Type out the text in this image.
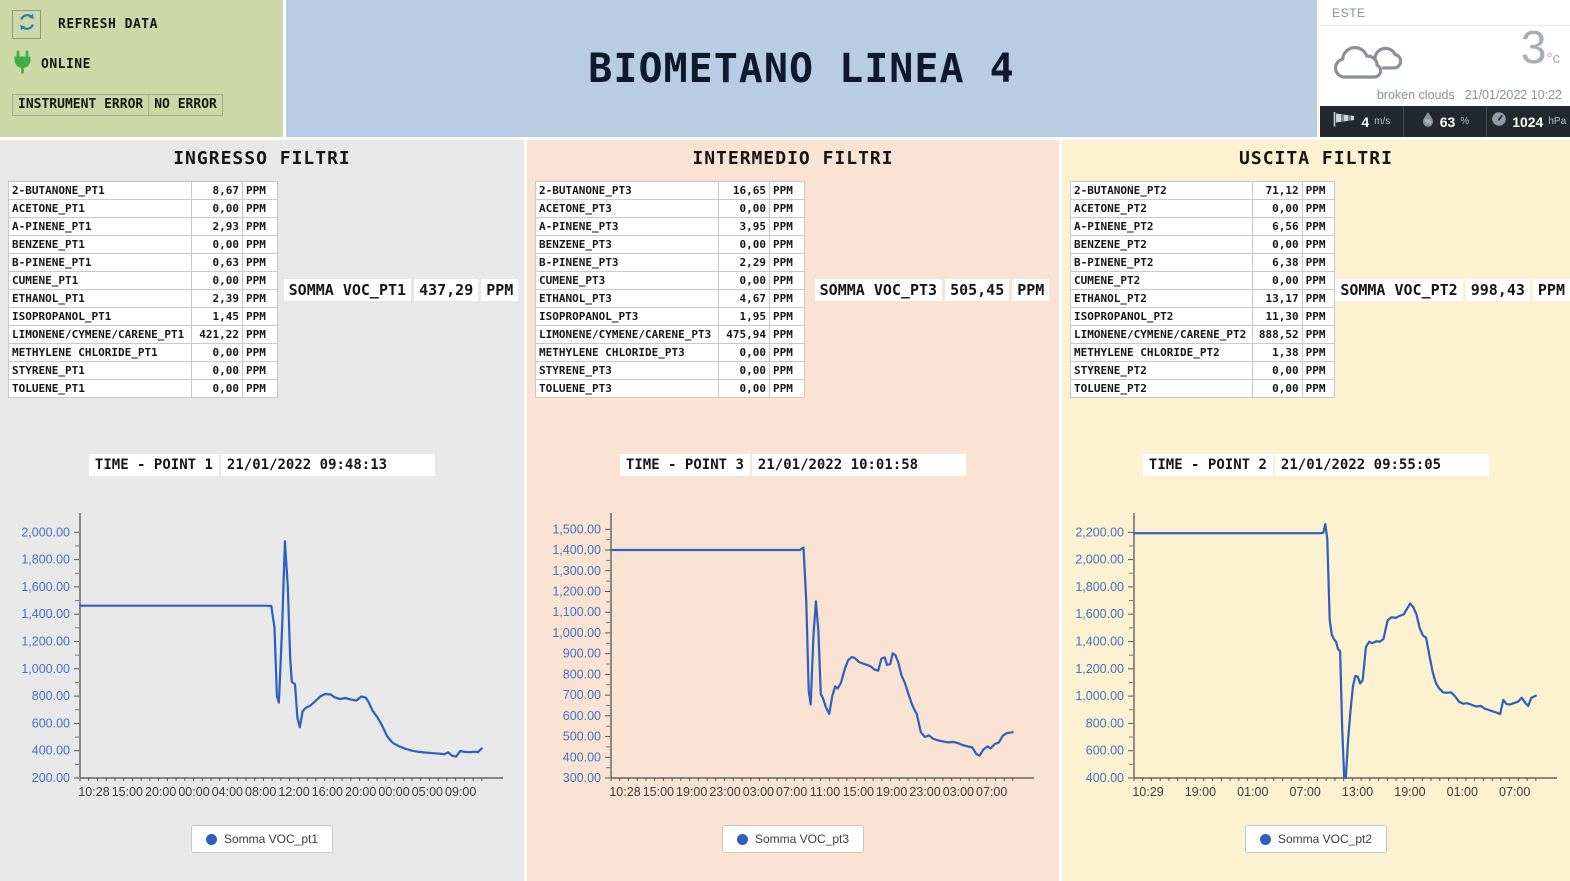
REFRESH DATA
ONLINE
INSTRUMENT ERROR NO ERROR
BIOMETANO LINEA 4
ESTE
3°c
broken clouds 21/01/2022 10:22
4 m/s	% 63 %	1024 hPa
INGRESSO FILTRI
2-BUTANONE_PT1	8,67	PPM
ACETONE_PT1	0,00	PPM
A-PINENE_PT1	2,93	PPM
BENZENE_PT1	0,00	PPM
B-PINENE_PT1	0,63	PPM
CUMENE_PT1	0,00	PPM
ETHANOL_PT1	2,39	PPM
ISOPROPANOL_PT1	1,45	PPM
LIMONENE/CYMENE/CARENE_PT1	421,22	PPM
METHYLENE CHLORIDE_PT1	0,00	PPM
STYRENE_PT1	0,00	PPM
TOLUENE_PT1	0,00	PPM
SOMMA VOC_PT1 437,29 PPM
TIME - POINT 1	21/01/2022 09:48:13
200.00
400.00
600.00
800.00
1,000.00
1,200.00
1,400.00
1,600.00
1,800.00
2,000.00
10:28 15:00 20:00 00:00 04:00 08:00 12:00 16:00 20:00 00:00 05:00 09:00
Somma VOC_pt1
INTERMEDIO FILTRI
2-BUTANONE_PT3	16,65	PPM
ACETONE_PT3	0,00	PPM
A-PINENE_PT3	3,95	PPM
BENZENE_PT3	0,00	PPM
B-PINENE_PT3	2,29	PPM
CUMENE_PT3	0,00	PPM
ETHANOL_PT3	4,67	PPM
ISOPROPANOL_PT3	1,95	PPM
LIMONENE/CYMENE/CARENE_PT3	475,94	PPM
METHYLENE CHLORIDE_PT3	0,00	PPM
STYRENE_PT3	0,00	PPM
TOLUENE_PT3	0,00	PPM
SOMMA VOC_PT3 505,45 PPM
TIME - POINT 3	21/01/2022 10:01:58
300.00
400.00
500.00
600.00
700.00
800.00
900.00
1,000.00
1,100.00
1,200.00
1,300.00
1,400.00
1,500.00
10:28 15:00 19:00 23:00 03:00 07:00 11:00 15:00 19:00 23:00 03:00 07:00
Somma VOC_pt3
USCITA FILTRI
2-BUTANONE_PT2	71,12	PPM
ACETONE_PT2	0,00	PPM
A-PINENE_PT2	6,56	PPM
BENZENE_PT2	0,00	PPM
B-PINENE_PT2	6,38	PPM
CUMENE_PT2	0,00	PPM
ETHANOL_PT2	13,17	PPM
ISOPROPANOL_PT2	11,30	PPM
LIMONENE/CYMENE/CARENE_PT2	888,52	PPM
METHYLENE CHLORIDE_PT2	1,38	PPM
STYRENE_PT2	0,00	PPM
TOLUENE_PT2	0,00	PPM
SOMMA VOC_PT2 998,43 PPM
TIME - POINT 2	21/01/2022 09:55:05
400.00
600.00
800.00
1,000.00
1,200.00
1,400.00
1,600.00
1,800.00
2,000.00
2,200.00
10:29 19:00 01:00 07:00 13:00 19:00 01:00 07:00
Somma VOC_pt2
